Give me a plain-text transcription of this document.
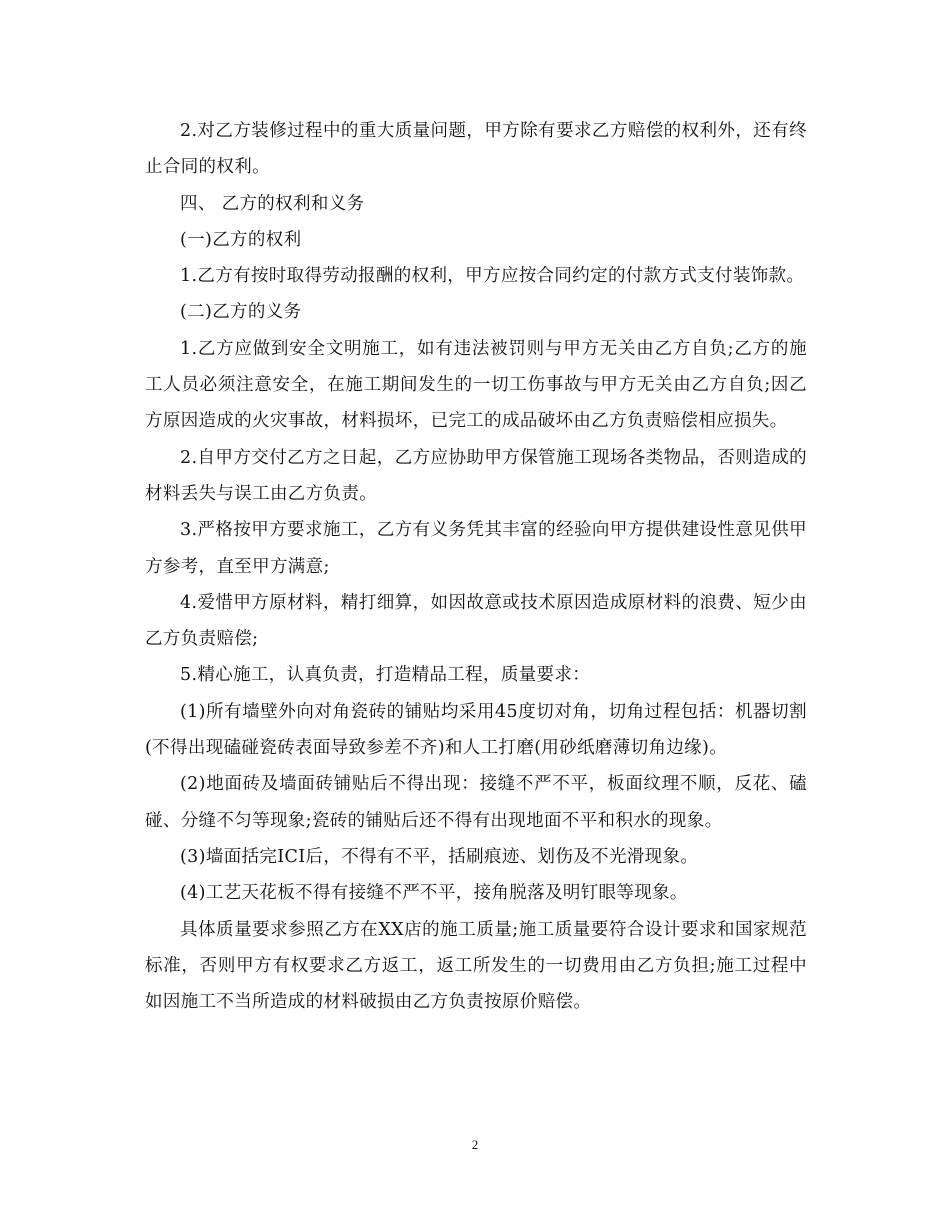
2.对乙方装修过程中的重大质量问题，甲方除有要求乙方赔偿的权利外，还有终止合同的权利。

四、 乙方的权利和义务

(一)乙方的权利

1.乙方有按时取得劳动报酬的权利，甲方应按合同约定的付款方式支付装饰款。

(二)乙方的义务

1.乙方应做到安全文明施工，如有违法被罚则与甲方无关由乙方自负;乙方的施工人员必须注意安全，在施工期间发生的一切工伤事故与甲方无关由乙方自负;因乙方原因造成的火灾事故，材料损坏，已完工的成品破坏由乙方负责赔偿相应损失。

2.自甲方交付乙方之日起，乙方应协助甲方保管施工现场各类物品，否则造成的材料丢失与误工由乙方负责。

3.严格按甲方要求施工，乙方有义务凭其丰富的经验向甲方提供建设性意见供甲方参考，直至甲方满意;

4.爱惜甲方原材料，精打细算，如因故意或技术原因造成原材料的浪费、短少由乙方负责赔偿;

5.精心施工，认真负责，打造精品工程，质量要求：

(1)所有墙壁外向对角瓷砖的铺贴均采用45度切对角，切角过程包括：机器切割(不得出现磕碰瓷砖表面导致参差不齐)和人工打磨(用砂纸磨薄切角边缘)。

(2)地面砖及墙面砖铺贴后不得出现：接缝不严不平，板面纹理不顺，反花、磕碰、分缝不匀等现象;瓷砖的铺贴后还不得有出现地面不平和积水的现象。

(3)墙面括完ICI后，不得有不平，括刷痕迹、划伤及不光滑现象。

(4)工艺天花板不得有接缝不严不平，接角脱落及明钉眼等现象。

具体质量要求参照乙方在XX店的施工质量;施工质量要符合设计要求和国家规范标准，否则甲方有权要求乙方返工，返工所发生的一切费用由乙方负担;施工过程中如因施工不当所造成的材料破损由乙方负责按原价赔偿。

2
